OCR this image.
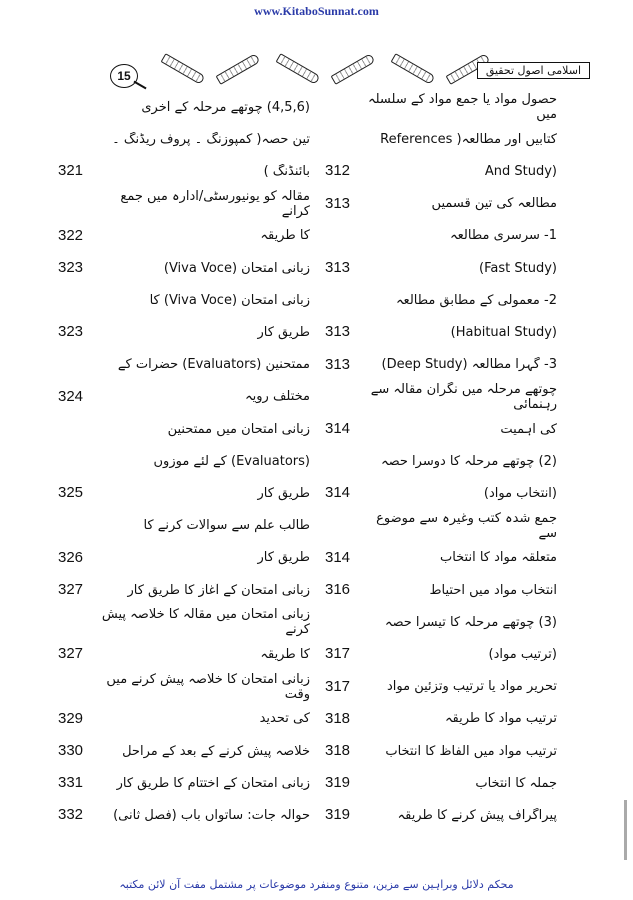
www.KitaboSunnat.com
15	اسلامی اصول تحقیق
حصول مواد یا جمع مواد کے سلسلہ میں
(4,5,6) چوتھے مرحلہ کے آخری
کتابیں اور مطالعہ( References
تین حصہ( کمپوزنگ ۔ پروف ریڈنگ ۔
(And Study
312
بائنڈنگ )
321
مطالعہ کی تین قسمیں
313
مقالہ کو یونیورسٹی/ادارہ میں جمع کرانے
1- سرسری مطالعہ
کا طریقہ
322
(Fast Study)
313
زبانی امتحان (Viva Voce)
323
2- معمولی کے مطابق مطالعہ
زبانی امتحان (Viva Voce) کا
(Habitual Study)
313
طریق کار
323
3- گہرا مطالعہ (Deep Study)
313
ممتحنین (Evaluators) حضرات کے
چوتھے مرحلہ میں نگران مقالہ سے رہنمائی
مختلف رویہ
324
کی اہمیت
314
زبانی امتحان میں ممتحنین
(2) چوتھے مرحلہ کا دوسرا حصہ
(Evaluators) کے لئے موزوں
(انتخاب مواد)
314
طریق کار
325
جمع شدہ کتب وغیرہ سے موضوع سے
طالب علم سے سوالات کرنے کا
متعلقہ مواد کا انتخاب
314
طریق کار
326
انتخاب مواد میں احتیاط
316
زبانی امتحان کے آغاز کا طریق کار
327
(3) چوتھے مرحلہ کا تیسرا حصہ
زبانی امتحان میں مقالہ کا خلاصہ پیش کرنے
(ترتیب مواد)
317
کا طریقہ
327
تحریر مواد یا ترتیب وتزئین مواد
317
زبانی امتحان کا خلاصہ پیش کرنے میں وقت
ترتیب مواد کا طریقہ
318
کی تحدید
329
ترتیب مواد میں الفاظ کا انتخاب
318
خلاصہ پیش کرنے کے بعد کے مراحل
330
جملہ کا انتخاب
319
زبانی امتحان کے اختتام کا طریق کار
331
پیراگراف پیش کرنے کا طریقہ
319
حوالہ جات: ساتواں باب (فصل ثانی)
332
محکم دلائل وبراہین سے مزین، متنوع ومنفرد موضوعات پر مشتمل مفت آن لائن مکتبہ
